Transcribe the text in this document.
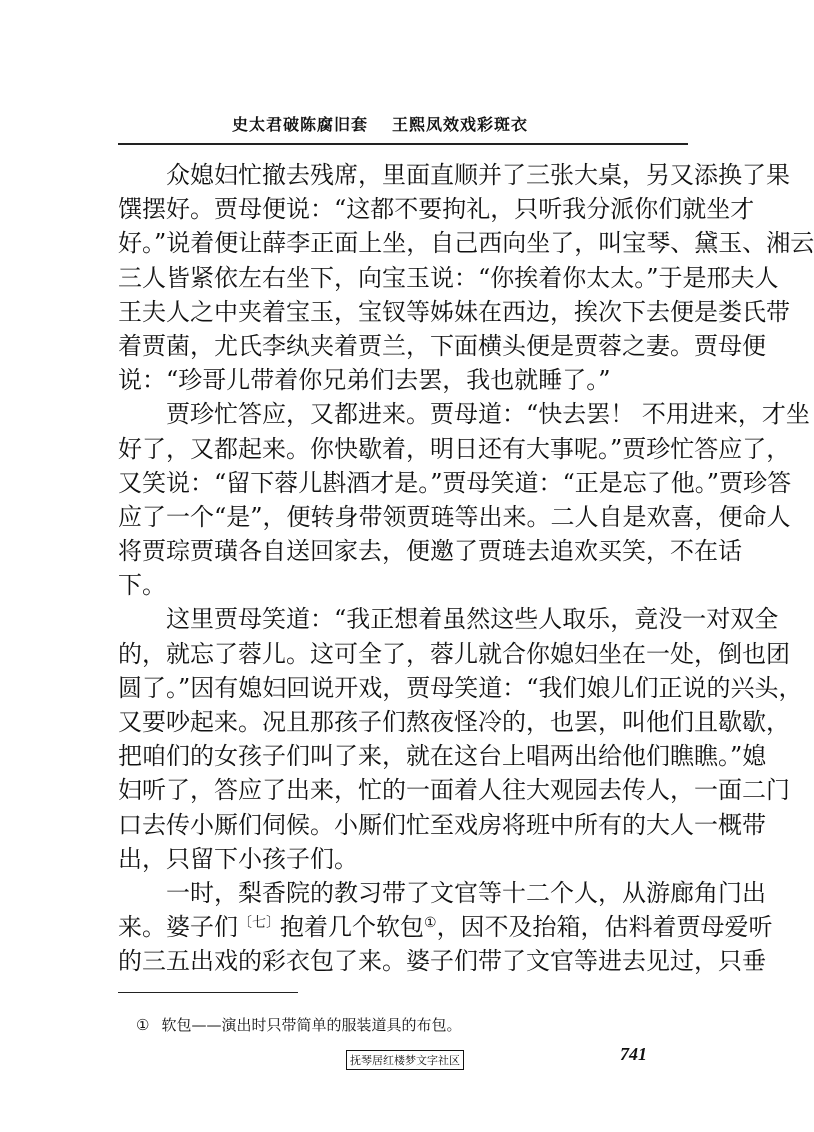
史太君破陈腐旧套 王熙凤效戏彩斑衣
众媳妇忙撤去残席，里面直顺并了三张大桌，另又添换了果
馔摆好。贾母便说：“这都不要拘礼，只听我分派你们就坐才
好。”说着便让薛李正面上坐，自己西向坐了，叫宝琴、黛玉、湘云
三人皆紧依左右坐下，向宝玉说：“你挨着你太太。”于是邢夫人
王夫人之中夹着宝玉，宝钗等姊妹在西边，挨次下去便是娄氏带
着贾菌，尤氏李纨夹着贾兰，下面横头便是贾蓉之妻。贾母便
说：“珍哥儿带着你兄弟们去罢，我也就睡了。”
贾珍忙答应，又都进来。贾母道：“快去罢！ 不用进来，才坐
好了，又都起来。你快歇着，明日还有大事呢。”贾珍忙答应了，
又笑说：“留下蓉儿斟酒才是。”贾母笑道：“正是忘了他。”贾珍答
应了一个“是”，便转身带领贾琏等出来。二人自是欢喜，便命人
将贾琮贾璜各自送回家去，便邀了贾琏去追欢买笑，不在话
下。
这里贾母笑道：“我正想着虽然这些人取乐，竟没一对双全
的，就忘了蓉儿。这可全了，蓉儿就合你媳妇坐在一处，倒也团
圆了。”因有媳妇回说开戏，贾母笑道：“我们娘儿们正说的兴头，
又要吵起来。况且那孩子们熬夜怪冷的，也罢，叫他们且歇歇，
把咱们的女孩子们叫了来，就在这台上唱两出给他们瞧瞧。”媳
妇听了，答应了出来，忙的一面着人往大观园去传人，一面二门
口去传小厮们伺候。小厮们忙至戏房将班中所有的大人一概带
出，只留下小孩子们。
一时，梨香院的教习带了文官等十二个人，从游廊角门出
来。婆子们$^{〔七〕}$抱着几个软包①，因不及抬箱，估料着贾母爱听
的三五出戏的彩衣包了来。婆子们带了文官等进去见过，只垂
① 软包——演出时只带简单的服装道具的布包。
抚琴居红楼梦文字社区	741
